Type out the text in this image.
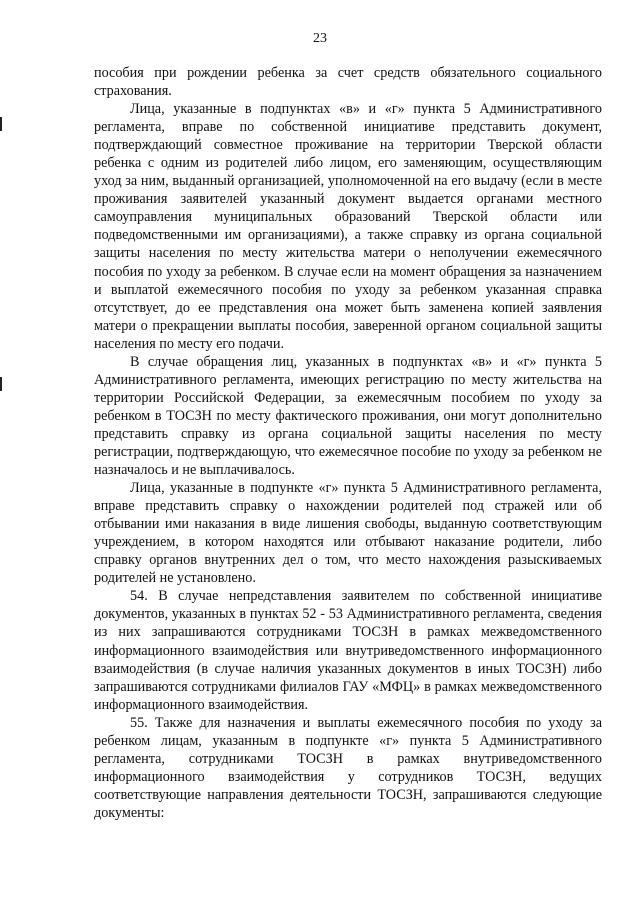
23

пособия при рождении ребенка за счет средств обязательного социального страхования.

Лица, указанные в подпунктах «в» и «г» пункта 5 Административного регламента, вправе по собственной инициативе представить документ, подтверждающий совместное проживание на территории Тверской области ребенка с одним из родителей либо лицом, его заменяющим, осуществляющим уход за ним, выданный организацией, уполномоченной на его выдачу (если в месте проживания заявителей указанный документ выдается органами местного самоуправления муниципальных образований Тверской области или подведомственными им организациями), а также справку из органа социальной защиты населения по месту жительства матери о неполучении ежемесячного пособия по уходу за ребенком. В случае если на момент обращения за назначением и выплатой ежемесячного пособия по уходу за ребенком указанная справка отсутствует, до ее представления она может быть заменена копией заявления матери о прекращении выплаты пособия, заверенной органом социальной защиты населения по месту его подачи.

В случае обращения лиц, указанных в подпунктах «в» и «г» пункта 5 Административного регламента, имеющих регистрацию по месту жительства на территории Российской Федерации, за ежемесячным пособием по уходу за ребенком в ТОСЗН по месту фактического проживания, они могут дополнительно представить справку из органа социальной защиты населения по месту регистрации, подтверждающую, что ежемесячное пособие по уходу за ребенком не назначалось и не выплачивалось.

Лица, указанные в подпункте «г» пункта 5 Административного регламента, вправе представить справку о нахождении родителей под стражей или об отбывании ими наказания в виде лишения свободы, выданную соответствующим учреждением, в котором находятся или отбывают наказание родители, либо справку органов внутренних дел о том, что место нахождения разыскиваемых родителей не установлено.

54. В случае непредставления заявителем по собственной инициативе документов, указанных в пунктах 52 - 53 Административного регламента, сведения из них запрашиваются сотрудниками ТОСЗН в рамках межведомственного информационного взаимодействия или внутриведомственного информационного взаимодействия (в случае наличия указанных документов в иных ТОСЗН) либо запрашиваются сотрудниками филиалов ГАУ «МФЦ» в рамках межведомственного информационного взаимодействия.

55. Также для назначения и выплаты ежемесячного пособия по уходу за ребенком лицам, указанным в подпункте «г» пункта 5 Административного регламента, сотрудниками ТОСЗН в рамках внутриведомственного информационного взаимодействия у сотрудников ТОСЗН, ведущих соответствующие направления деятельности ТОСЗН, запрашиваются следующие документы:
